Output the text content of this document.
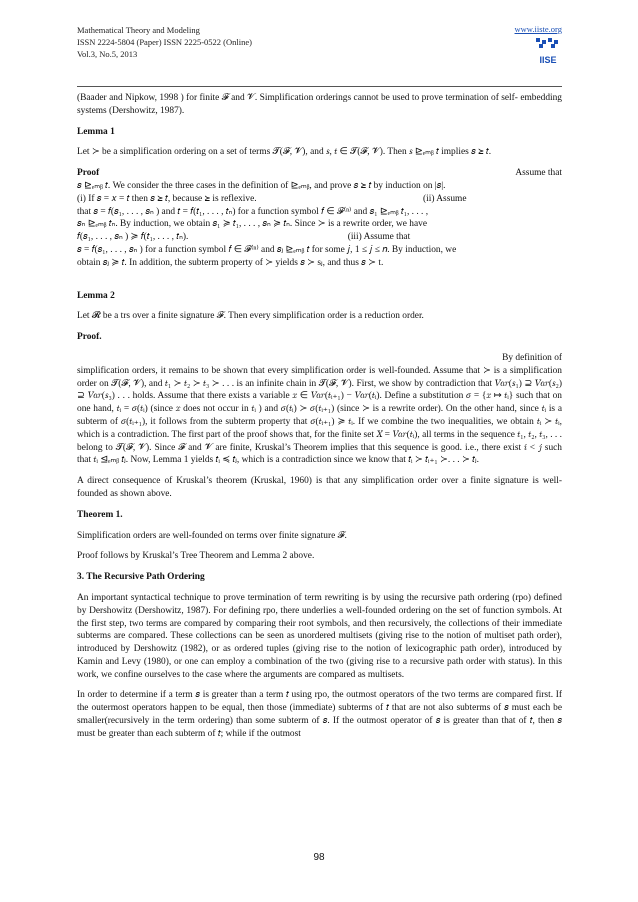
Mathematical Theory and Modeling
ISSN 2224-5804 (Paper) ISSN 2225-0522 (Online)
Vol.3, No.5, 2013
www.iiste.org
IISE

(Baader and Nipkow, 1998 ) for finite 𝓕 and 𝓥. Simplification orderings cannot be used to prove termination of self- embedding systems (Dershowitz, 1987).

Lemma 1

Let ≻ be a simplification ordering on a set of terms 𝓣(𝓕, 𝓥), and 𝑠, 𝑡 ∈ 𝓣(𝓕, 𝓥). Then 𝑠 ⊵ₑₘᵦ 𝑡 implies 𝑠 ≽ 𝑡.

Proof	Assume that

𝑠 ⊵ₑₘᵦ 𝑡. We consider the three cases in the definition of ⊵ₑₘᵦ, and prove 𝑠 ≽ 𝑡 by induction on |𝑠|.

(i) If 𝑠 = 𝑥 = 𝑡 then 𝑠 ≽ 𝑡, because ≽ is reflexive.                                                                       (ii) Assume

that 𝑠 = 𝑓(𝑠₁, . . . , 𝑠ₙ ) and 𝑡 = 𝑓(𝑡₁, . . . , 𝑡ₙ) for a function symbol 𝑓 ∈ 𝓕⁽ⁿ⁾ and 𝑠₁ ⊵ₑₘᵦ 𝑡₁, . . . ,

𝑠ₙ ⊵ₑₘᵦ 𝑡ₙ. By induction, we obtain 𝑠₁ ≽ 𝑡₁, . . . , 𝑠ₙ ≽ 𝑡ₙ. Since ≻ is a rewrite order, we have

𝑓(𝑠₁, . . . , 𝑠ₙ ) ≽ 𝑓(𝑡₁, . . . , 𝑡ₙ).                                                                    (iii) Assume that

𝑠 = 𝑓(𝑠₁, . . . , 𝑠ₙ ) for a function symbol 𝑓 ∈ 𝓕⁽ⁿ⁾ and 𝑠ⱼ ⊵ₑₘᵦ 𝑡 for some 𝑗, 1 ≤ 𝑗 ≤ 𝑛. By induction, we

obtain 𝑠ⱼ ≽ 𝑡. In addition, the subterm property of ≻ yields 𝑠 ≻ sⱼ, and thus 𝑠 ≻ t.

Lemma 2

Let 𝓡 be a trs over a finite signature 𝓕. Then every simplification order is a reduction order.

Proof.

By definition of

simplification orders, it remains to be shown that every simplification order is well-founded. Assume that ≻ is a simplification order on 𝓣(𝓕, 𝓥), and 𝑡₁ ≻ 𝑡₂ ≻ 𝑡₃ ≻ . . . is an infinite chain in 𝓣(𝓕, 𝓥). First, we show by contradiction that 𝑉𝑎𝑟(𝑠₁) ⊇ 𝑉𝑎𝑟(𝑠₂) ⊇ 𝑉𝑎𝑟(𝑠₃) . . . holds. Assume that there exists a variable 𝑥 ∈ 𝑉𝑎𝑟(𝑡ᵢ₊₁) − 𝑉𝑎𝑟(𝑡ᵢ). Define a substitution 𝜎 = {𝑥 ↦ 𝑡ᵢ} such that on one hand, 𝑡ᵢ = 𝜎(𝑡ᵢ) (since 𝑥 does not occur in 𝑡ᵢ ) and 𝜎(𝑡ᵢ) ≻ 𝜎(𝑡ᵢ₊₁) (since ≻ is a rewrite order). On the other hand, since 𝑡ᵢ is a subterm of 𝜎(𝑡ᵢ₊₁), it follows from the subterm property that 𝜎(𝑡ᵢ₊₁) ≽ 𝑡ᵢ. If we combine the two inequalities, we obtain 𝑡ᵢ ≻ 𝑡ᵢ, which is a contradiction. The first part of the proof shows that, for the finite set 𝑋 = 𝑉𝑎𝑟(𝑡ᵢ), all terms in the sequence 𝑡₁, 𝑡₂, 𝑡₃, . . . belong to 𝓣(𝓕, 𝓥). Since 𝓕 and 𝓥 are finite, Kruskal’s Theorem implies that this sequence is good. i.e., there exist 𝑖 < 𝑗 such that 𝑡ᵢ ⊴ₑₘᵦ 𝑡ⱼ. Now, Lemma 1 yields 𝑡ᵢ ≼ 𝑡ⱼ, which is a contradiction since we know that 𝑡ᵢ ≻ 𝑡ᵢ₊₁ ≻. . . ≻ 𝑡ⱼ.

A direct consequence of Kruskal’s theorem (Kruskal, 1960) is that any simplification order over a finite signature is well-founded as shown above.

Theorem 1.

Simplification orders are well-founded on terms over finite signature 𝓕.

Proof follows by Kruskal’s Tree Theorem and Lemma 2 above.

3. The Recursive Path Ordering

An important syntactical technique to prove termination of term rewriting is by using the recursive path ordering (rpo) defined by Dershowitz (Dershowitz, 1987). For defining rpo, there underlies a well-founded ordering on the set of function symbols. At the first step, two terms are compared by comparing their root symbols, and then recursively, the collections of their immediate subterms are compared. These collections can be seen as unordered multisets (giving rise to the notion of multiset path order), introduced by Dershowitz (1982), or as ordered tuples (giving rise to the notion of lexicographic path order), introduced by Kamin and Levy (1980), or one can employ a combination of the two (giving rise to a recursive path order with status). In this work, we confine ourselves to the case where the arguments are compared as multisets.

In order to determine if a term 𝑠 is greater than a term 𝑡 using rpo, the outmost operators of the two terms are compared first. If the outermost operators happen to be equal, then those (immediate) subterms of 𝑡 that are not also subterms of 𝑠 must each be smaller(recursively in the term ordering) than some subterm of 𝑠. If the outmost operator of 𝑠 is greater than that of 𝑡, then 𝑠 must be greater than each subterm of 𝑡; while if the outmost

98
